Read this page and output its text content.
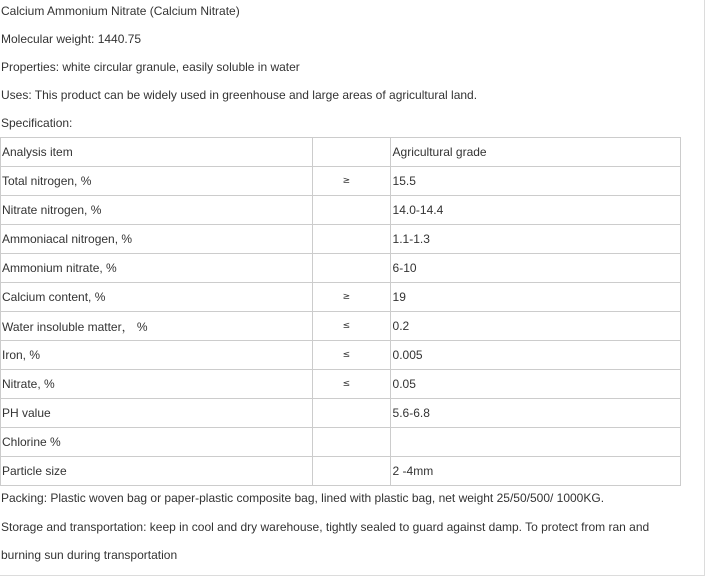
Calcium Ammonium Nitrate (Calcium Nitrate)
Molecular weight: 1440.75
Properties: white circular granule, easily soluble in water
Uses: This product can be widely used in greenhouse and large areas of agricultural land.
Specification:
Analysis item		Agricultural grade
Total nitrogen, %	≥	15.5
Nitrate nitrogen, %		14.0-14.4
Ammoniacal nitrogen, %		1.1-1.3
Ammonium nitrate, %		6-10
Calcium content, %	≥	19
Water insoluble matter， %	≤	0.2
Iron, %	≤	0.005
Nitrate, %	≤	0.05
PH value		5.6-6.8
Chlorine %		
Particle size		2 -4mm
Packing: Plastic woven bag or paper-plastic composite bag, lined with plastic bag, net weight 25/50/500/ 1000KG.
Storage and transportation: keep in cool and dry warehouse, tightly sealed to guard against damp. To protect from ran and
burning sun during transportation
